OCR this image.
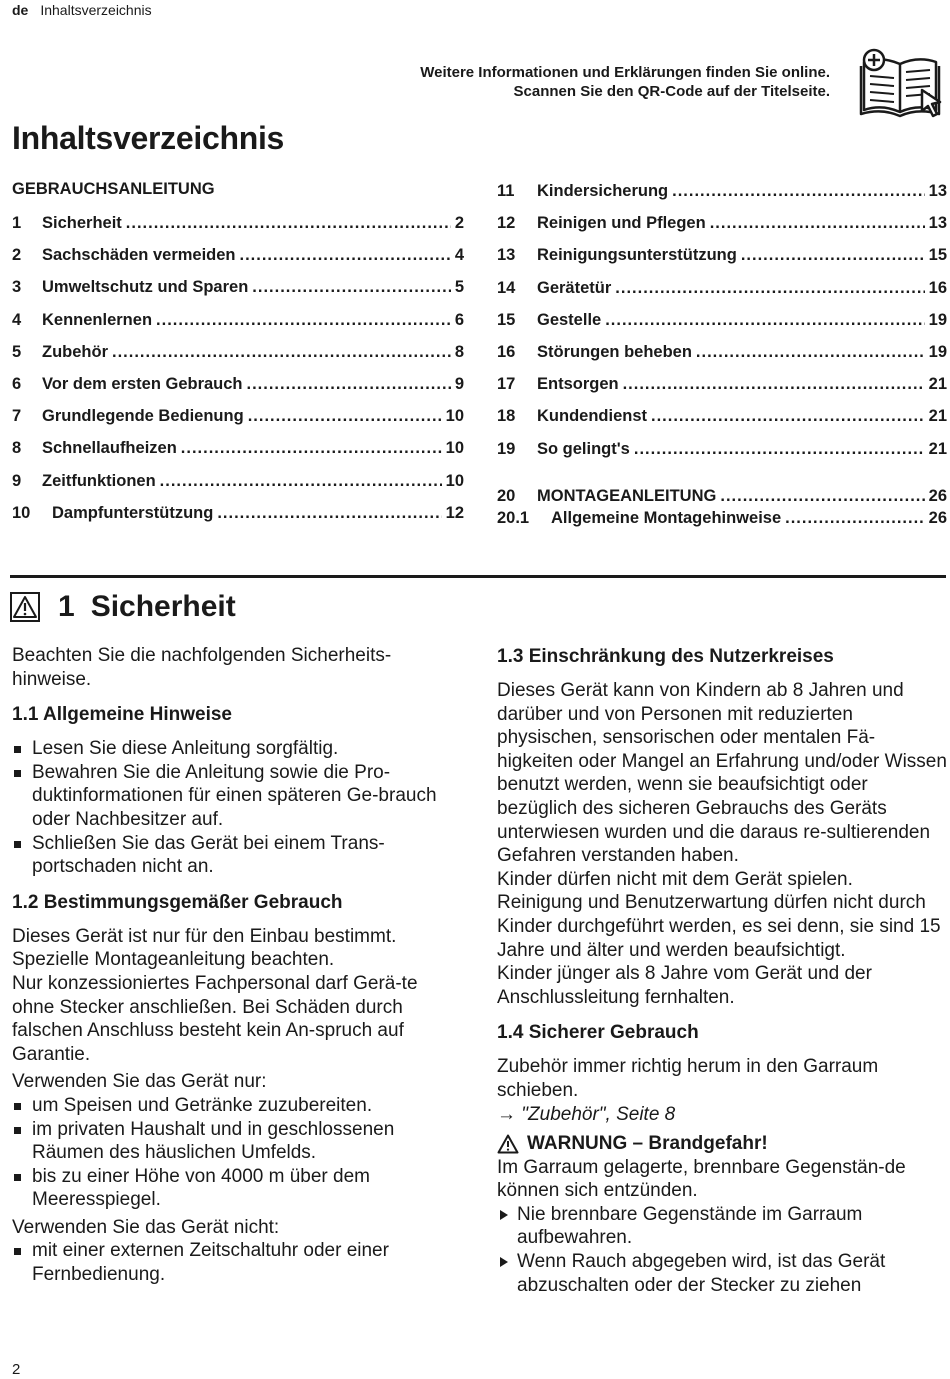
de Inhaltsverzeichnis
Weitere Informationen und Erklärungen finden Sie online.
Scannen Sie den QR-Code auf der Titelseite.
Inhaltsverzeichnis
GEBRAUCHSANLEITUNG
1	Sicherheit .....	2
2	Sachschäden vermeiden .....	4
3	Umweltschutz und Sparen .....	5
4	Kennenlernen .....	6
5	Zubehör .....	8
6	Vor dem ersten Gebrauch .....	9
7	Grundlegende Bedienung .....	10
8	Schnellaufheizen .....	10
9	Zeitfunktionen .....	10
10	Dampfunterstützung .....	12
11	Kindersicherung .....	13
12	Reinigen und Pflegen .....	13
13	Reinigungsunterstützung .....	15
14	Gerätetür .....	16
15	Gestelle .....	19
16	Störungen beheben .....	19
17	Entsorgen .....	21
18	Kundendienst .....	21
19	So gelingt's .....	21
20	MONTAGEANLEITUNG .....	26
20.1	Allgemeine Montagehinweise .....	26
1 Sicherheit

Beachten Sie die nachfolgenden Sicherheits-hinweise.

1.1 Allgemeine Hinweise
Lesen Sie diese Anleitung sorgfältig.
Bewahren Sie die Anleitung sowie die Pro-duktinformationen für einen späteren Ge-brauch oder Nachbesitzer auf.
Schließen Sie das Gerät bei einem Trans-portschaden nicht an.
1.2 Bestimmungsgemäßer Gebrauch

Dieses Gerät ist nur für den Einbau bestimmt. Spezielle Montageanleitung beachten.

Nur konzessioniertes Fachpersonal darf Gerä-te ohne Stecker anschließen. Bei Schäden durch falschen Anschluss besteht kein An-spruch auf Garantie.

Verwenden Sie das Gerät nur:

um Speisen und Getränke zuzubereiten.
im privaten Haushalt und in geschlossenen Räumen des häuslichen Umfelds.
bis zu einer Höhe von 4000 m über dem Meeresspiegel.

Verwenden Sie das Gerät nicht:

mit einer externen Zeitschaltuhr oder einer Fernbedienung.
1.3 Einschränkung des Nutzerkreises

Dieses Gerät kann von Kindern ab 8 Jahren und darüber und von Personen mit reduzierten physischen, sensorischen oder mentalen Fä-higkeiten oder Mangel an Erfahrung und/oder Wissen benutzt werden, wenn sie beaufsichtigt oder bezüglich des sicheren Gebrauchs des Geräts unterwiesen wurden und die daraus re-sultierenden Gefahren verstanden haben.

Kinder dürfen nicht mit dem Gerät spielen.

Reinigung und Benutzerwartung dürfen nicht durch Kinder durchgeführt werden, es sei denn, sie sind 15 Jahre und älter und werden beaufsichtigt.

Kinder jünger als 8 Jahre vom Gerät und der Anschlussleitung fernhalten.

1.4 Sicherer Gebrauch

Zubehör immer richtig herum in den Garraum schieben.

→ "Zubehör", Seite 8

WARNUNG – Brandgefahr!

Im Garraum gelagerte, brennbare Gegenstän-de können sich entzünden.

Nie brennbare Gegenstände im Garraum aufbewahren.
Wenn Rauch abgegeben wird, ist das Gerät abzuschalten oder der Stecker zu ziehen
2
